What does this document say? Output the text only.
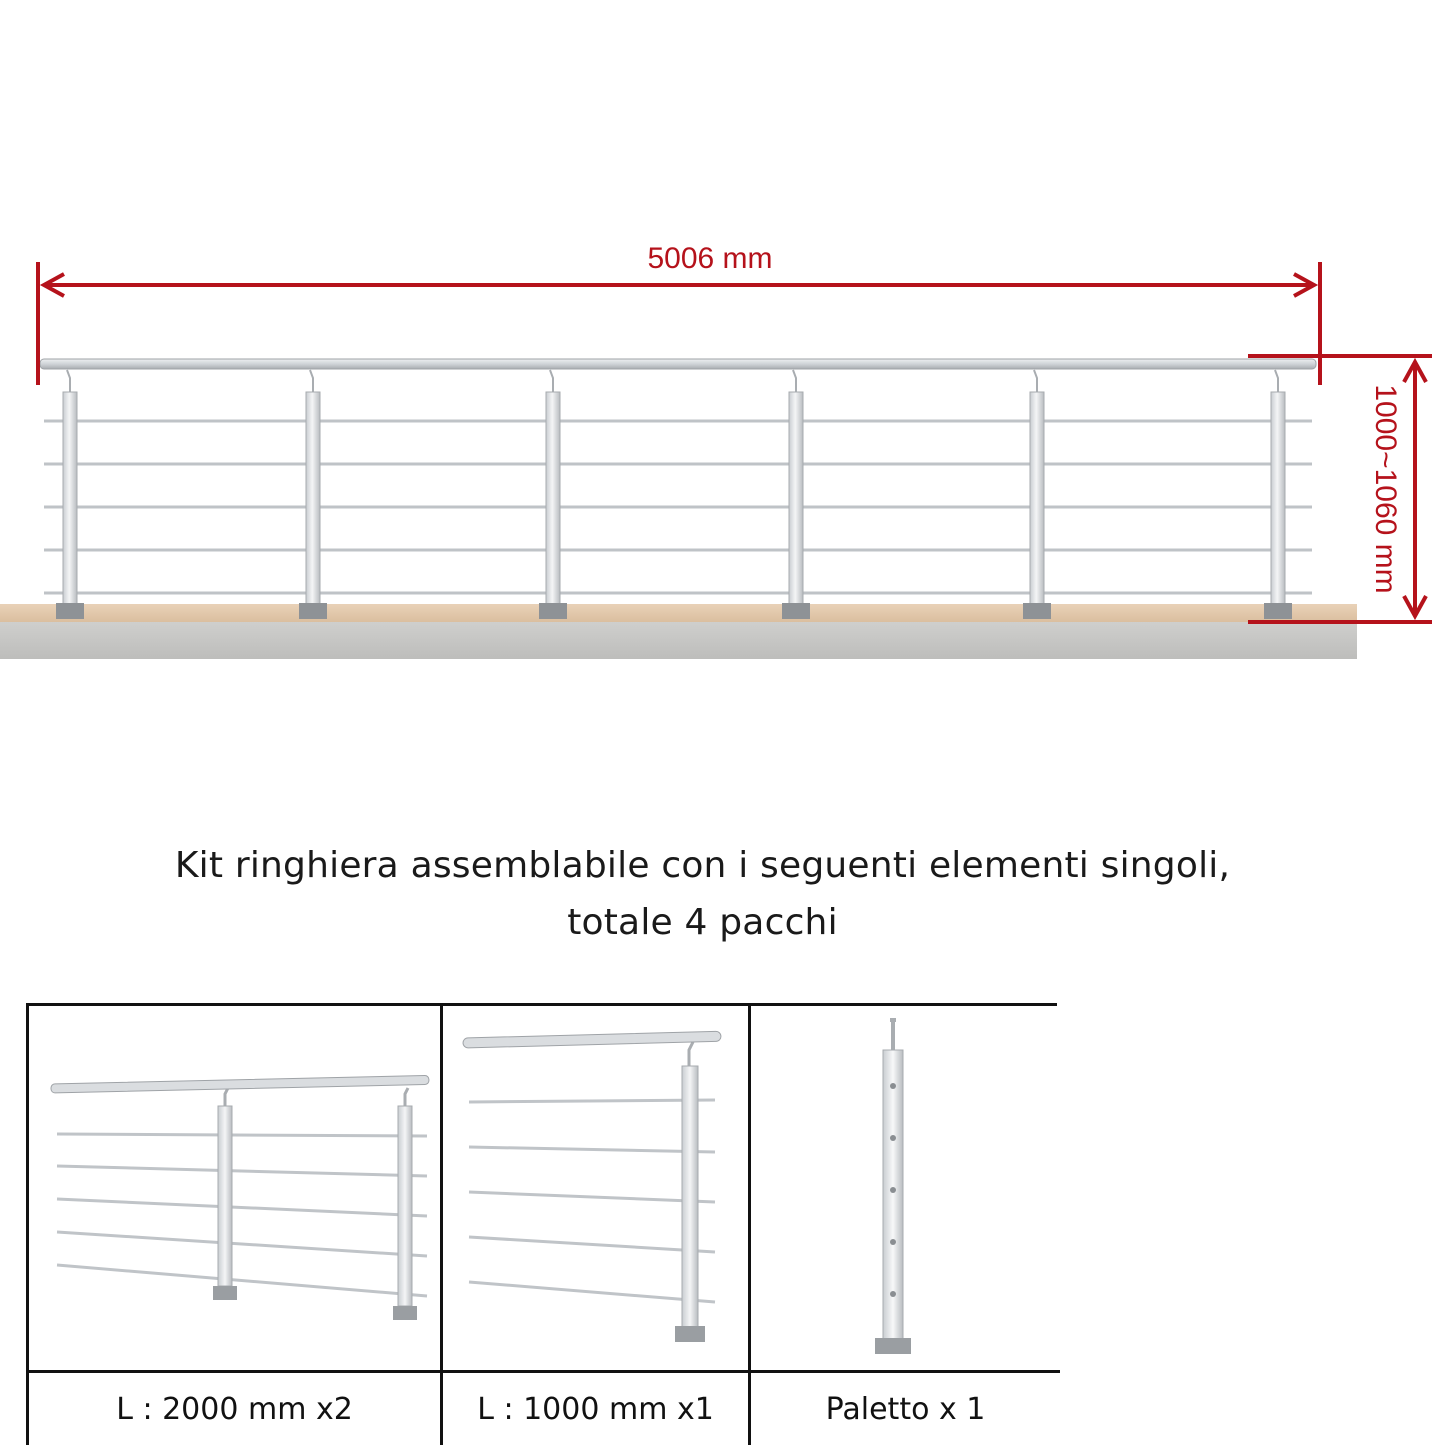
5006 mm
1000~1060 mm
Kit ringhiera assemblabile con i seguenti elementi singoli,
totale 4 pacchi
L : 2000 mm x2	L : 1000 mm x1	Paletto x 1
